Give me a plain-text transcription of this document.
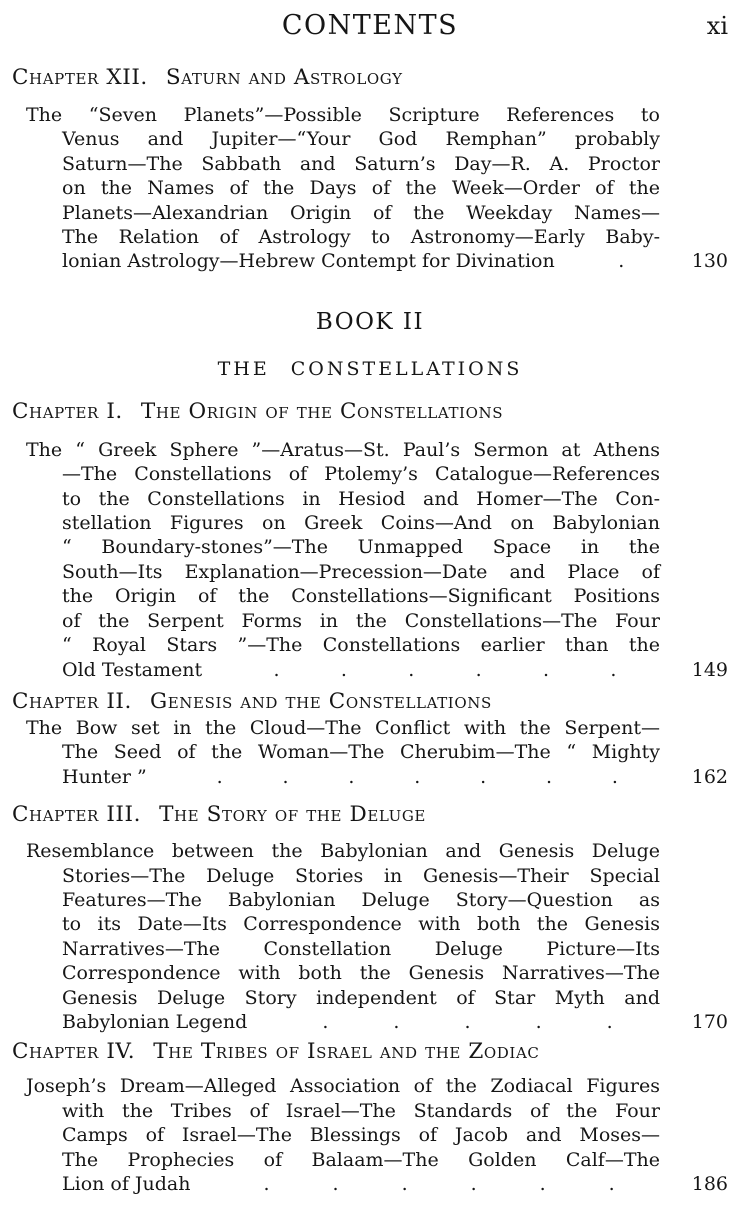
CONTENTS	xi
Chapter XII. Saturn and Astrology
The “Seven Planets”—Possible Scripture References to
Venus and Jupiter—“Your God Remphan” probably
Saturn—The Sabbath and Saturn’s Day—R. A. Proctor
on the Names of the Days of the Week—Order of the
Planets—Alexandrian Origin of the Weekday Names—
The Relation of Astrology to Astronomy—Early Baby-
lonian Astrology—Hebrew Contempt for Divination	.	130
BOOK II
THE CONSTELLATIONS
Chapter I. The Origin of the Constellations
The “ Greek Sphere ”—Aratus—St. Paul’s Sermon at Athens
—The Constellations of Ptolemy’s Catalogue—References
to the Constellations in Hesiod and Homer—The Con-
stellation Figures on Greek Coins—And on Babylonian
“ Boundary-stones”—The Unmapped Space in the
South—Its Explanation—Precession—Date and Place of
the Origin of the Constellations—Significant Positions
of the Serpent Forms in the Constellations—The Four
“ Royal Stars ”—The Constellations earlier than the
Old Testament	.	.	.	.	.	.	149
Chapter II. Genesis and the Constellations
The Bow set in the Cloud—The Conflict with the Serpent—
The Seed of the Woman—The Cherubim—The “ Mighty
Hunter ”	.	.	.	.	.	.	.	162
Chapter III. The Story of the Deluge
Resemblance between the Babylonian and Genesis Deluge
Stories—The Deluge Stories in Genesis—Their Special
Features—The Babylonian Deluge Story—Question as
to its Date—Its Correspondence with both the Genesis
Narratives—The Constellation Deluge Picture—Its
Correspondence with both the Genesis Narratives—The
Genesis Deluge Story independent of Star Myth and
Babylonian Legend	.	.	.	.	.	170
Chapter IV. The Tribes of Israel and the Zodiac
Joseph’s Dream—Alleged Association of the Zodiacal Figures
with the Tribes of Israel—The Standards of the Four
Camps of Israel—The Blessings of Jacob and Moses—
The Prophecies of Balaam—The Golden Calf—The
Lion of Judah	.	.	.	.	.	.	186
